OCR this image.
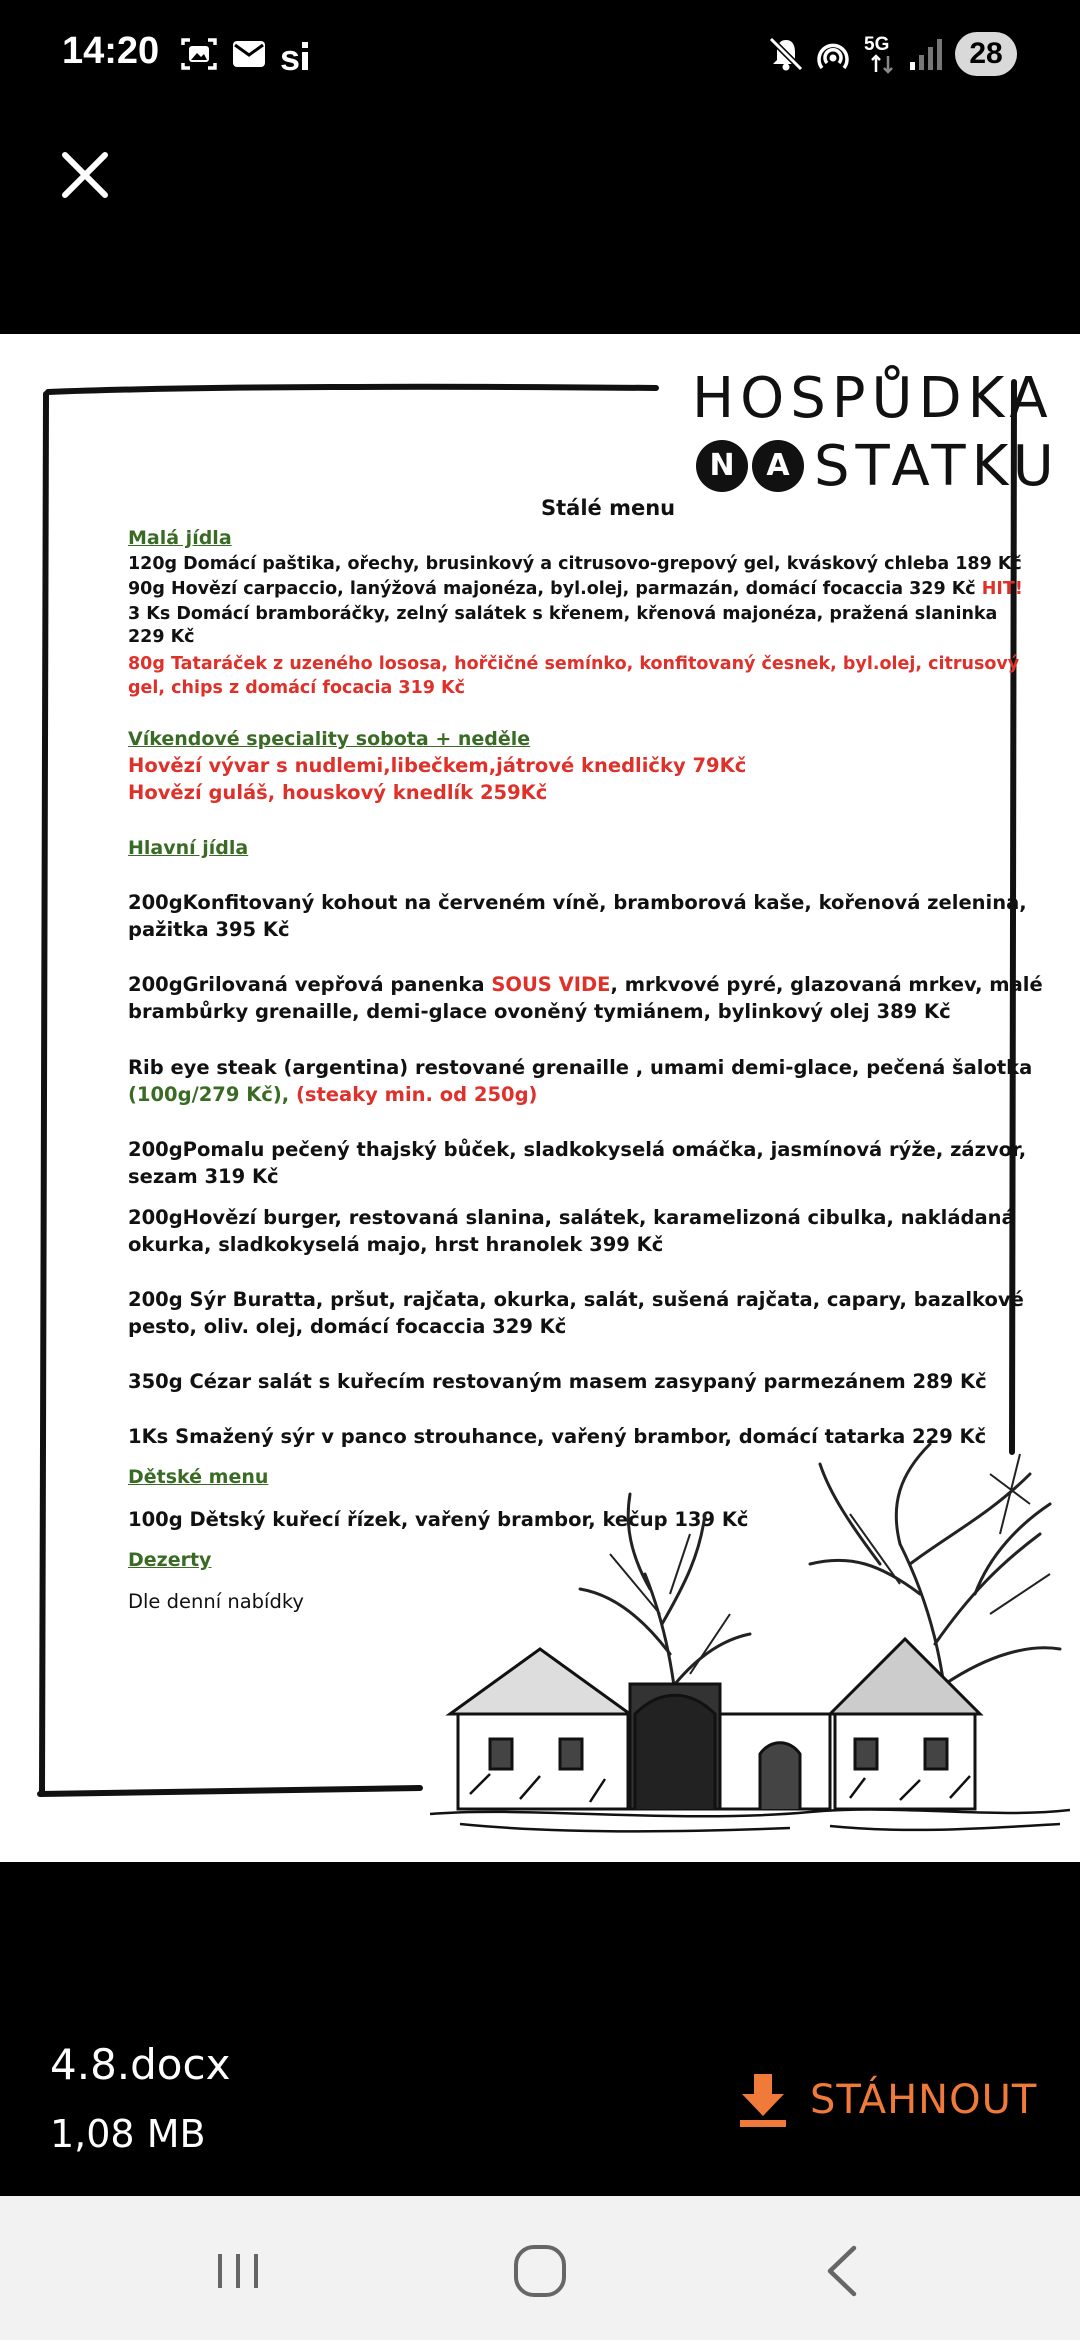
14:20	s	5G	28
HOSPŮDKA
N	A STATKU
Stálé menu
Malá jídla
120g Domácí paštika, ořechy, brusinkový a citrusovo-grepový gel, kváskový chleba 189 Kč
90g Hovězí carpaccio, lanýžová majonéza, byl.olej, parmazán, domácí focaccia 329 Kč HIT!
3 Ks Domácí bramboráčky, zelný salátek s křenem, křenová majonéza, pražená slaninka
229 Kč
80g Tataráček z uzeného lososa, hořčičné semínko, konfitovaný česnek, byl.olej, citrusový
gel, chips z domácí focacia 319 Kč
Víkendové speciality sobota + neděle
Hovězí vývar s nudlemi,libečkem,játrové knedličky 79Kč
Hovězí guláš, houskový knedlík 259Kč
Hlavní jídla
200gKonfitovaný kohout na červeném víně, bramborová kaše, kořenová zelenina,
pažitka 395 Kč
200gGrilovaná vepřová panenka SOUS VIDE, mrkvové pyré, glazovaná mrkev, malé
brambůrky grenaille, demi-glace ovoněný tymiánem, bylinkový olej 389 Kč
Rib eye steak (argentina) restované grenaille , umami demi-glace, pečená šalotka
(100g/279 Kč), (steaky min. od 250g)
200gPomalu pečený thajský bůček, sladkokyselá omáčka, jasmínová rýže, zázvor,
sezam 319 Kč
200gHovězí burger, restovaná slanina, salátek, karamelizoná cibulka, nakládaná
okurka, sladkokyselá majo, hrst hranolek 399 Kč
200g Sýr Buratta, pršut, rajčata, okurka, salát, sušená rajčata, capary, bazalkové
pesto, oliv. olej, domácí focaccia 329 Kč
350g Cézar salát s kuřecím restovaným masem zasypaný parmezánem 289 Kč
1Ks Smažený sýr v panco strouhance, vařený brambor, domácí tatarka 229 Kč
Dětské menu
100g Dětský kuřecí řízek, vařený brambor, kečup 139 Kč
Dezerty
Dle denní nabídky
4.8.docx
1,08 MB
STÁHNOUT
